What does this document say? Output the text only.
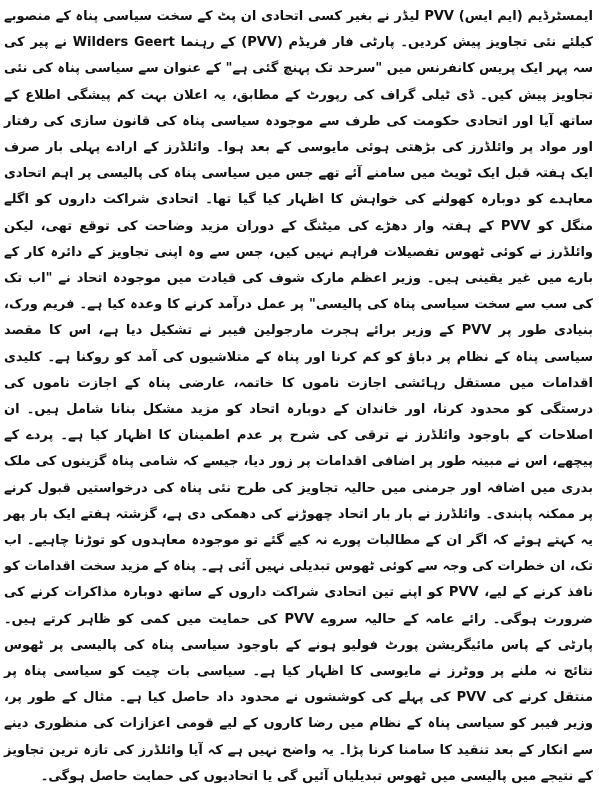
ایمسٹرڈیم (ایم ایس) PVV لیڈر نے بغیر کسی اتحادی ان پٹ کے سخت سیاسی پناہ کے منصوبے کیلئے نئی تجاویز پیش کردیں۔ پارٹی فار فریڈم (PVV) کے رہنما Wilders Geert نے پیر کی سہ پہر ایک پریس کانفرنس میں "سرحد تک پہنچ گئی ہے" کے عنوان سے سیاسی پناہ کی نئی تجاویز پیش کیں۔ ڈی ٹیلی گراف کی رپورٹ کے مطابق، یہ اعلان بہت کم پیشگی اطلاع کے ساتھ آیا اور اتحادی حکومت کی طرف سے موجودہ سیاسی پناہ کی قانون سازی کی رفتار اور مواد پر وائلڈرز کی بڑھتی ہوئی مایوسی کے بعد ہوا۔ وائلڈرز کے ارادے پہلی بار صرف ایک ہفتہ قبل ایک ٹویٹ میں سامنے آئے تھے جس میں سیاسی پناہ کی پالیسی پر اہم اتحادی معاہدے کو دوبارہ کھولنے کی خواہش کا اظہار کیا گیا تھا۔ اتحادی شراکت داروں کو اگلے منگل کو PVV کے ہفتہ وار دھڑے کی میٹنگ کے دوران مزید وضاحت کی توقع تھی، لیکن وائلڈرز نے کوئی ٹھوس تفصیلات فراہم نہیں کیں، جس سے وہ اپنی تجاویز کے دائرہ کار کے بارے میں غیر یقینی ہیں۔ وزیر اعظم مارک شوف کی قیادت میں موجودہ اتحاد نے "اب تک کی سب سے سخت سیاسی پناہ کی پالیسی" پر عمل درآمد کرنے کا وعدہ کیا ہے۔ فریم ورک، بنیادی طور پر PVV کے وزیر برائے ہجرت مارجولین فیبر نے تشکیل دیا ہے، اس کا مقصد سیاسی پناہ کے نظام پر دباؤ کو کم کرنا اور پناہ کے متلاشیوں کی آمد کو روکنا ہے۔ کلیدی اقدامات میں مستقل رہائشی اجازت ناموں کا خاتمہ، عارضی پناہ کے اجازت ناموں کی درستگی کو محدود کرنا، اور خاندان کے دوبارہ اتحاد کو مزید مشکل بنانا شامل ہیں۔ ان اصلاحات کے باوجود وائلڈرز نے ترقی کی شرح پر عدم اطمینان کا اظہار کیا ہے۔ پردے کے پیچھے، اس نے مبینہ طور پر اضافی اقدامات پر زور دیا، جیسے کہ شامی پناہ گزینوں کی ملک بدری میں اضافہ اور جرمنی میں حالیہ تجاویز کی طرح نئی پناہ کی درخواستیں قبول کرنے پر ممکنہ پابندی۔ وائلڈرز نے بار بار اتحاد چھوڑنے کی دھمکی دی ہے، گزشتہ ہفتے ایک بار پھر یہ کہتے ہوئے کہ اگر ان کے مطالبات پورے نہ کیے گئے تو موجودہ معاہدوں کو توڑنا چاہیے۔ اب تک، ان خطرات کی وجہ سے کوئی ٹھوس تبدیلی نہیں آئی ہے۔ پناہ کے مزید سخت اقدامات کو نافذ کرنے کے لیے، PVV کو اپنے تین اتحادی شراکت داروں کے ساتھ دوبارہ مذاکرات کرنے کی ضرورت ہوگی۔ رائے عامہ کے حالیہ سروے PVV کی حمایت میں کمی کو ظاہر کرتے ہیں۔ پارٹی کے پاس مائیگریشن پورٹ فولیو ہونے کے باوجود سیاسی پناہ کی پالیسی پر ٹھوس نتائج نہ ملنے پر ووٹرز نے مایوسی کا اظہار کیا ہے۔ سیاسی بات چیت کو سیاسی پناہ پر منتقل کرنے کی PVV کی پہلے کی کوششوں نے محدود داد حاصل کیا ہے۔ مثال کے طور پر، وزیر فیبر کو سیاسی پناہ کے نظام میں رضا کاروں کے لیے قومی اعزازات کی منظوری دینے سے انکار کے بعد تنقید کا سامنا کرنا پڑا۔ یہ واضح نہیں ہے کہ آیا وائلڈرز کی تازہ ترین تجاویز کے نتیجے میں پالیسی میں ٹھوس تبدیلیاں آئیں گی یا اتحادیوں کی حمایت حاصل ہوگی۔
